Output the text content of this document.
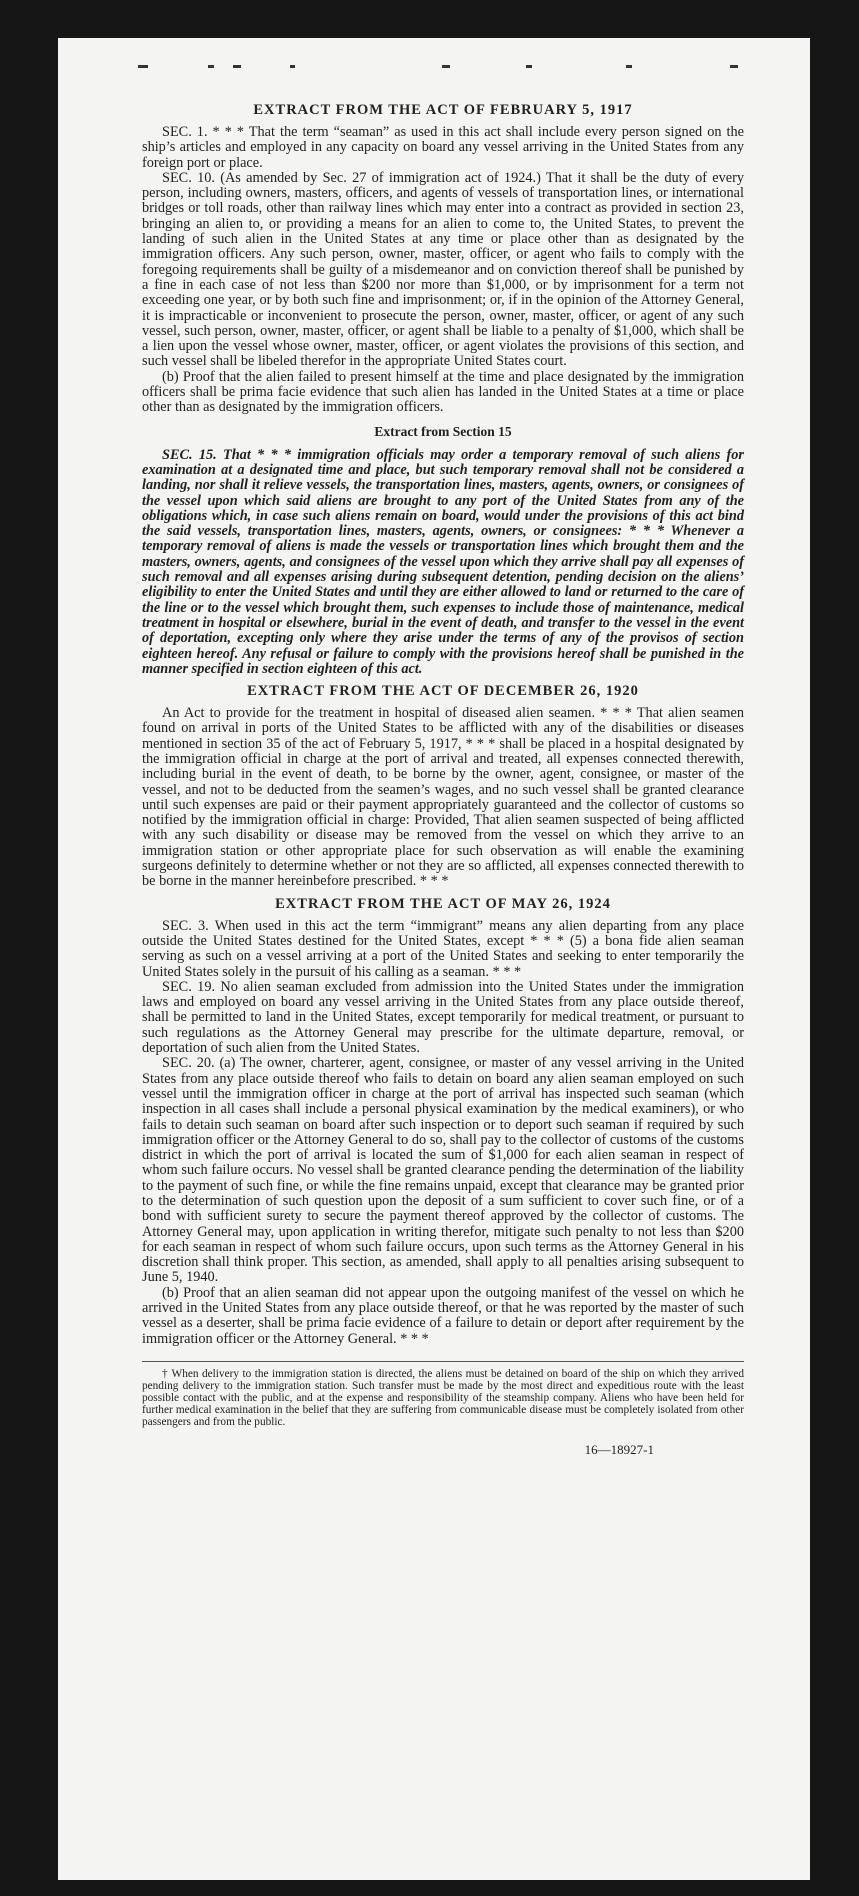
EXTRACT FROM THE ACT OF FEBRUARY 5, 1917

SEC. 1. * * * That the term “seaman” as used in this act shall include every person signed on the ship’s articles and employed in any capacity on board any vessel arriving in the United States from any foreign port or place.

SEC. 10. (As amended by Sec. 27 of immigration act of 1924.) That it shall be the duty of every person, including owners, masters, officers, and agents of vessels of transportation lines, or international bridges or toll roads, other than railway lines which may enter into a contract as provided in section 23, bringing an alien to, or providing a means for an alien to come to, the United States, to prevent the landing of such alien in the United States at any time or place other than as designated by the immigration officers. Any such person, owner, master, officer, or agent who fails to comply with the foregoing requirements shall be guilty of a misdemeanor and on conviction thereof shall be punished by a fine in each case of not less than $200 nor more than $1,000, or by imprisonment for a term not exceeding one year, or by both such fine and imprisonment; or, if in the opinion of the Attorney General, it is impracticable or inconvenient to prosecute the person, owner, master, officer, or agent of any such vessel, such person, owner, master, officer, or agent shall be liable to a penalty of $1,000, which shall be a lien upon the vessel whose owner, master, officer, or agent violates the provisions of this section, and such vessel shall be libeled therefor in the appropriate United States court.

(b) Proof that the alien failed to present himself at the time and place designated by the immigration officers shall be prima facie evidence that such alien has landed in the United States at a time or place other than as designated by the immigration officers.

Extract from Section 15

SEC. 15. That * * * immigration officials may order a temporary removal of such aliens for examination at a designated time and place, but such temporary removal shall not be considered a landing, nor shall it relieve vessels, the transportation lines, masters, agents, owners, or consignees of the vessel upon which said aliens are brought to any port of the United States from any of the obligations which, in case such aliens remain on board, would under the provisions of this act bind the said vessels, transportation lines, masters, agents, owners, or consignees: * * * Whenever a temporary removal of aliens is made the vessels or transportation lines which brought them and the masters, owners, agents, and consignees of the vessel upon which they arrive shall pay all expenses of such removal and all expenses arising during subsequent detention, pending decision on the aliens’ eligibility to enter the United States and until they are either allowed to land or returned to the care of the line or to the vessel which brought them, such expenses to include those of maintenance, medical treatment in hospital or elsewhere, burial in the event of death, and transfer to the vessel in the event of deportation, excepting only where they arise under the terms of any of the provisos of section eighteen hereof. Any refusal or failure to comply with the provisions hereof shall be punished in the manner specified in section eighteen of this act.

EXTRACT FROM THE ACT OF DECEMBER 26, 1920

An Act to provide for the treatment in hospital of diseased alien seamen. * * * That alien seamen found on arrival in ports of the United States to be afflicted with any of the disabilities or diseases mentioned in section 35 of the act of February 5, 1917, * * * shall be placed in a hospital designated by the immigration official in charge at the port of arrival and treated, all expenses connected therewith, including burial in the event of death, to be borne by the owner, agent, consignee, or master of the vessel, and not to be deducted from the seamen’s wages, and no such vessel shall be granted clearance until such expenses are paid or their payment appropriately guaranteed and the collector of customs so notified by the immigration official in charge: Provided, That alien seamen suspected of being afflicted with any such disability or disease may be removed from the vessel on which they arrive to an immigration station or other appropriate place for such observation as will enable the examining surgeons definitely to determine whether or not they are so afflicted, all expenses connected therewith to be borne in the manner hereinbefore prescribed. * * *

EXTRACT FROM THE ACT OF MAY 26, 1924

SEC. 3. When used in this act the term “immigrant” means any alien departing from any place outside the United States destined for the United States, except * * * (5) a bona fide alien seaman serving as such on a vessel arriving at a port of the United States and seeking to enter temporarily the United States solely in the pursuit of his calling as a seaman. * * *

SEC. 19. No alien seaman excluded from admission into the United States under the immigration laws and employed on board any vessel arriving in the United States from any place outside thereof, shall be permitted to land in the United States, except temporarily for medical treatment, or pursuant to such regulations as the Attorney General may prescribe for the ultimate departure, removal, or deportation of such alien from the United States.

SEC. 20. (a) The owner, charterer, agent, consignee, or master of any vessel arriving in the United States from any place outside thereof who fails to detain on board any alien seaman employed on such vessel until the immigration officer in charge at the port of arrival has inspected such seaman (which inspection in all cases shall include a personal physical examination by the medical examiners), or who fails to detain such seaman on board after such inspection or to deport such seaman if required by such immigration officer or the Attorney General to do so, shall pay to the collector of customs of the customs district in which the port of arrival is located the sum of $1,000 for each alien seaman in respect of whom such failure occurs. No vessel shall be granted clearance pending the determination of the liability to the payment of such fine, or while the fine remains unpaid, except that clearance may be granted prior to the determination of such question upon the deposit of a sum sufficient to cover such fine, or of a bond with sufficient surety to secure the payment thereof approved by the collector of customs. The Attorney General may, upon application in writing therefor, mitigate such penalty to not less than $200 for each seaman in respect of whom such failure occurs, upon such terms as the Attorney General in his discretion shall think proper. This section, as amended, shall apply to all penalties arising subsequent to June 5, 1940.

(b) Proof that an alien seaman did not appear upon the outgoing manifest of the vessel on which he arrived in the United States from any place outside thereof, or that he was reported by the master of such vessel as a deserter, shall be prima facie evidence of a failure to detain or deport after requirement by the immigration officer or the Attorney General. * * *

† When delivery to the immigration station is directed, the aliens must be detained on board of the ship on which they arrived pending delivery to the immigration station. Such transfer must be made by the most direct and expeditious route with the least possible contact with the public, and at the expense and responsibility of the steamship company. Aliens who have been held for further medical examination in the belief that they are suffering from communicable disease must be completely isolated from other passengers and from the public.

16—18927-1
